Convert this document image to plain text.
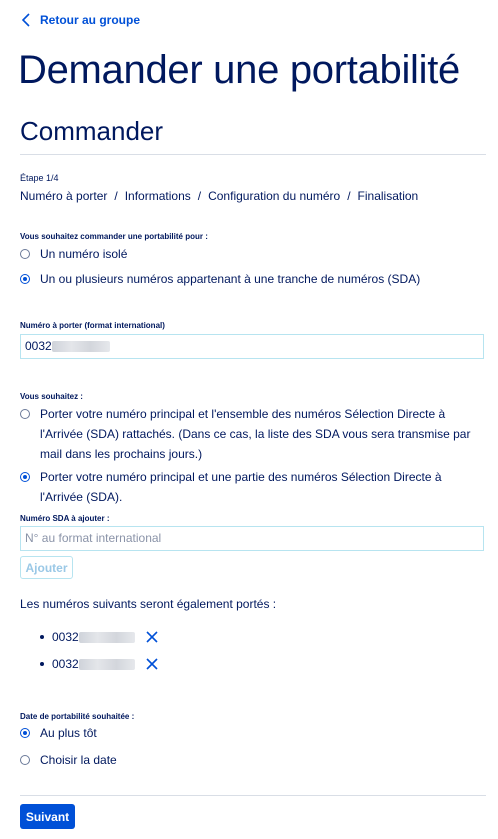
Retour au groupe
Demander une portabilité
Commander
Étape 1/4
Numéro à porter / Informations / Configuration du numéro / Finalisation
Vous souhaitez commander une portabilité pour :
Un numéro isolé
Un ou plusieurs numéros appartenant à une tranche de numéros (SDA)
Numéro à porter (format international)
0032
Vous souhaitez :
Porter votre numéro principal et l'ensemble des numéros Sélection Directe à l'Arrivée (SDA) rattachés. (Dans ce cas, la liste des SDA vous sera transmise par mail dans les prochains jours.)
Porter votre numéro principal et une partie des numéros Sélection Directe à l'Arrivée (SDA).
Numéro SDA à ajouter :
N° au format international
Ajouter
Les numéros suivants seront également portés :
0032
0032
Date de portabilité souhaitée :
Au plus tôt
Choisir la date
Suivant
